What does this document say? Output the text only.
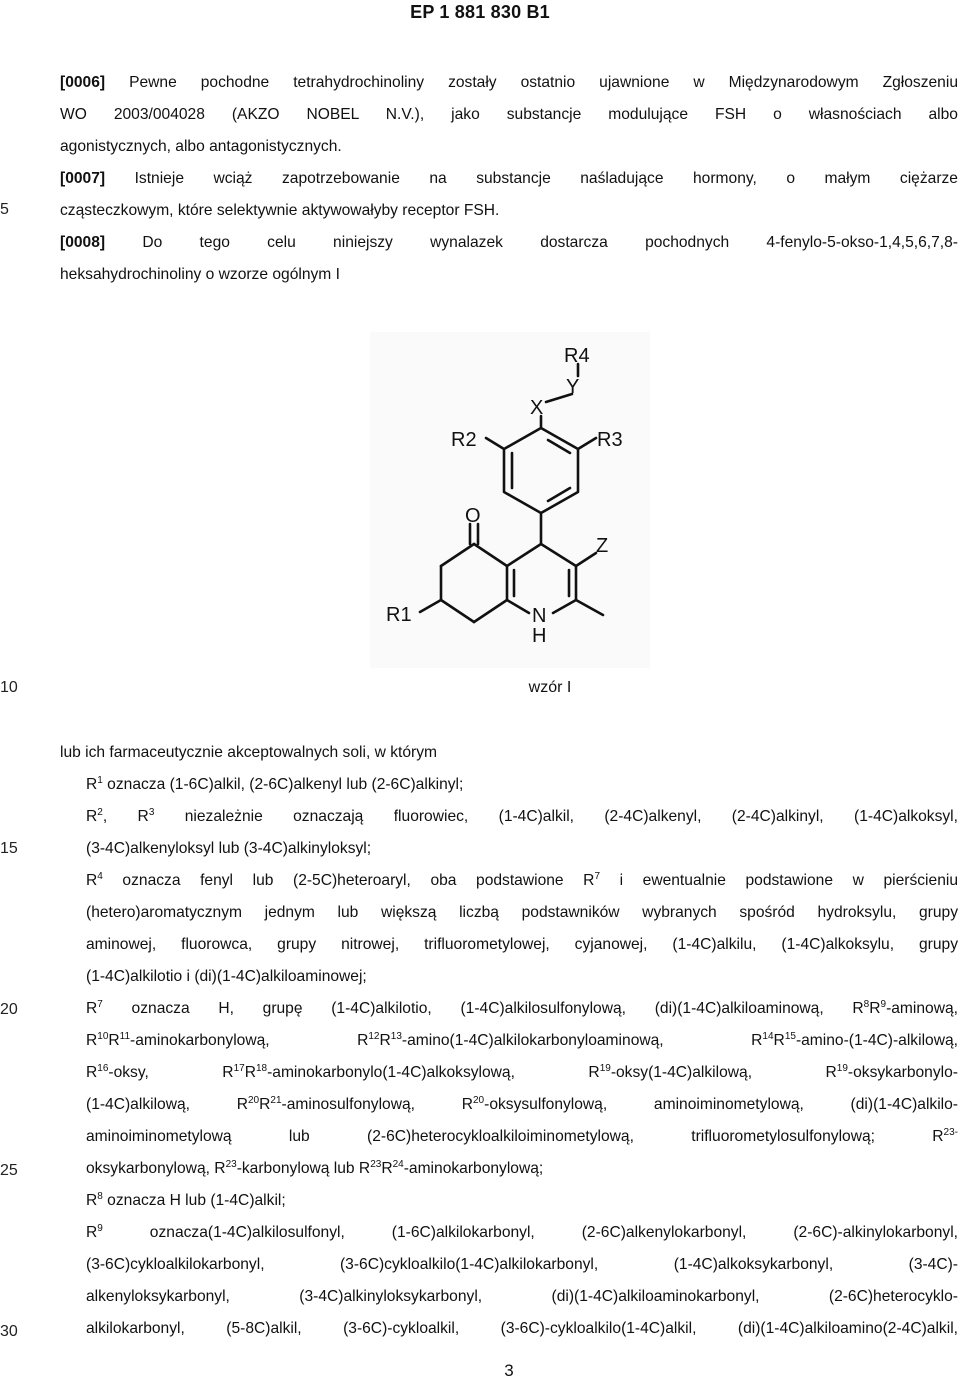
EP 1 881 830 B1
5
10
15
20
25
30
[0006] Pewne pochodne tetrahydrochinoliny zostały ostatnio ujawnione w Międzynarodowym Zgłoszeniu
WO 2003/004028 (AKZO NOBEL N.V.), jako substancje modulujące FSH o własnościach albo
agonistycznych, albo antagonistycznych.
[0007] Istnieje wciąż zapotrzebowanie na substancje naśladujące hormony, o małym ciężarze
cząsteczkowym, które selektywnie aktywowałyby receptor FSH.
[0008] Do tego celu niniejszy wynalazek dostarcza pochodnych 4-fenylo-5-okso-1,4,5,6,7,8-
heksahydrochinoliny o wzorze ogólnym I
R4
Y
X
R2	R3
O
Z
R1	N
H
wzór I
lub ich farmaceutycznie akceptowalnych soli, w którym
$R^1$ oznacza (1-6C)alkil, (2-6C)alkenyl lub (2-6C)alkinyl;
$R^2$, $R^3$ niezależnie oznaczają fluorowiec, (1-4C)alkil, (2-4C)alkenyl, (2-4C)alkinyl, (1-4C)alkoksyl,
(3-4C)alkenyloksyl lub (3-4C)alkinyloksyl;
$R^4$ oznacza fenyl lub (2-5C)heteroaryl, oba podstawione $R^7$ i ewentualnie podstawione w pierścieniu
(hetero)aromatycznym jednym lub większą liczbą podstawników wybranych spośród hydroksylu, grupy
aminowej, fluorowca, grupy nitrowej, trifluorometylowej, cyjanowej, (1-4C)alkilu, (1-4C)alkoksylu, grupy
(1-4C)alkilotio i (di)(1-4C)alkiloaminowej;
$R^7$ oznacza H, grupę (1-4C)alkilotio, (1-4C)alkilosulfonylową, (di)(1-4C)alkiloaminową, $R^8R^9$-aminową,
$R^{10}R^{11}$-aminokarbonylową,	$R^{12}R^{13}-amino(1-4C)alkilokarbonyloaminową$,	$R^{14}R^{15}-amino-(1-4C)$-alkilową,
$R^{16}$-oksy,	$R^{17}R^{18}-aminokarbonylo(1-4C)alkoksylową$,	$R^{19}-oksy(1-4C)alkilową$,	$R^{19}-oksykarbonylo-$
(1-4C)alkilową,	$R^{20}R^{21}$-aminosulfonylową,	$R^{20}$-oksysulfonylową, aminoiminometylową, (di)(1-4C)alkilo-
aminoiminometylową lub (2-6C)heterocykloalkiloiminometylową, trifluorometylosulfonylową;	$R^{23-}$
oksykarbonylową, $R^{23}$-karbonylową lub $R^{23}R^{24}$-aminokarbonylową;
$R^8$ oznacza H lub (1-4C)alkil;
$R^9$	oznacza(1-4C)alkilosulfonyl, (1-6C)alkilokarbonyl, (2-6C)alkenylokarbonyl, (2-6C)-alkinylokarbonyl,
(3-6C)cykloalkilokarbonyl, (3-6C)cykloalkilo(1-4C)alkilokarbonyl, (1-4C)alkoksykarbonyl, (3-4C)-
alkenyloksykarbonyl, (3-4C)alkinyloksykarbonyl, (di)(1-4C)alkiloaminokarbonyl, (2-6C)heterocyklo-
alkilokarbonyl, (5-8C)alkil, (3-6C)-cykloalkil, (3-6C)-cykloalkilo(1-4C)alkil, (di)(1-4C)alkiloamino(2-4C)alkil,
3
